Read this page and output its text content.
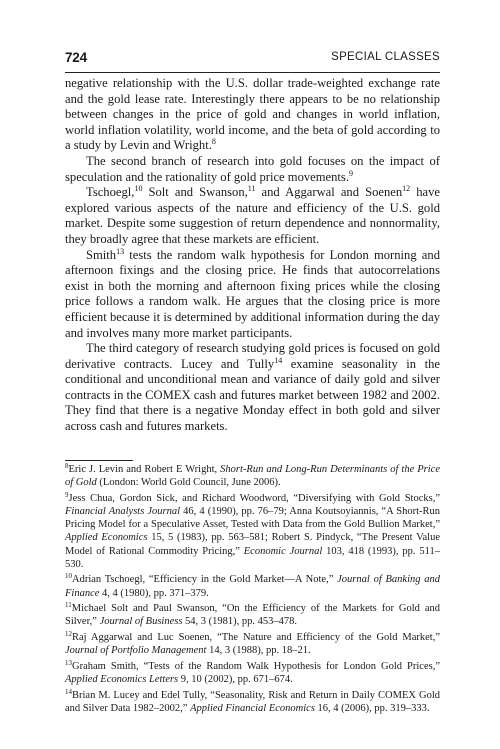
724	SPECIAL CLASSES

negative relationship with the U.S. dollar trade-weighted exchange rate and the gold lease rate. Interestingly there appears to be no relationship between changes in the price of gold and changes in world inflation, world inflation volatility, world income, and the beta of gold according to a study by Levin and Wright.$^8$

The second branch of research into gold focuses on the impact of speculation and the rationality of gold price movements.$^9$

Tschoegl,$^{10}$ Solt and Swanson,$^{11}$ and Aggarwal and Soenen$^{12}$ have explored various aspects of the nature and efficiency of the U.S. gold market. Despite some suggestion of return dependence and nonnormality, they broadly agree that these markets are efficient.

Smith$^{13}$ tests the random walk hypothesis for London morning and afternoon fixings and the closing price. He finds that autocorrelations exist in both the morning and afternoon fixing prices while the closing price follows a random walk. He argues that the closing price is more efficient because it is determined by additional information during the day and involves many more market participants.

The third category of research studying gold prices is focused on gold derivative contracts. Lucey and Tully$^{14}$ examine seasonality in the conditional and unconditional mean and variance of daily gold and silver contracts in the COMEX cash and futures market between 1982 and 2002. They find that there is a negative Monday effect in both gold and silver across cash and futures markets.

$^8$Eric J. Levin and Robert E Wright, Short-Run and Long-Run Determinants of the Price of Gold (London: World Gold Council, June 2006).

$^9$Jess Chua, Gordon Sick, and Richard Woodword, “Diversifying with Gold Stocks,” Financial Analysts Journal 46, 4 (1990), pp. 76–79; Anna Koutsoyiannis, “A Short-Run Pricing Model for a Speculative Asset, Tested with Data from the Gold Bullion Market,” Applied Economics 15, 5 (1983), pp. 563–581; Robert S. Pindyck, “The Present Value Model of Rational Commodity Pricing,” Economic Journal 103, 418 (1993), pp. 511–530.

$^{10}$Adrian Tschoegl, “Efficiency in the Gold Market—A Note,” Journal of Banking and Finance 4, 4 (1980), pp. 371–379.

$^{11}$Michael Solt and Paul Swanson, “On the Efficiency of the Markets for Gold and Silver,” Journal of Business 54, 3 (1981), pp. 453–478.

$^{12}$Raj Aggarwal and Luc Soenen, “The Nature and Efficiency of the Gold Market,” Journal of Portfolio Management 14, 3 (1988), pp. 18–21.

$^{13}$Graham Smith, “Tests of the Random Walk Hypothesis for London Gold Prices,” Applied Economics Letters 9, 10 (2002), pp. 671–674.

$^{14}$Brian M. Lucey and Edel Tully, “Seasonality, Risk and Return in Daily COMEX Gold and Silver Data 1982–2002,” Applied Financial Economics 16, 4 (2006), pp. 319–333.
